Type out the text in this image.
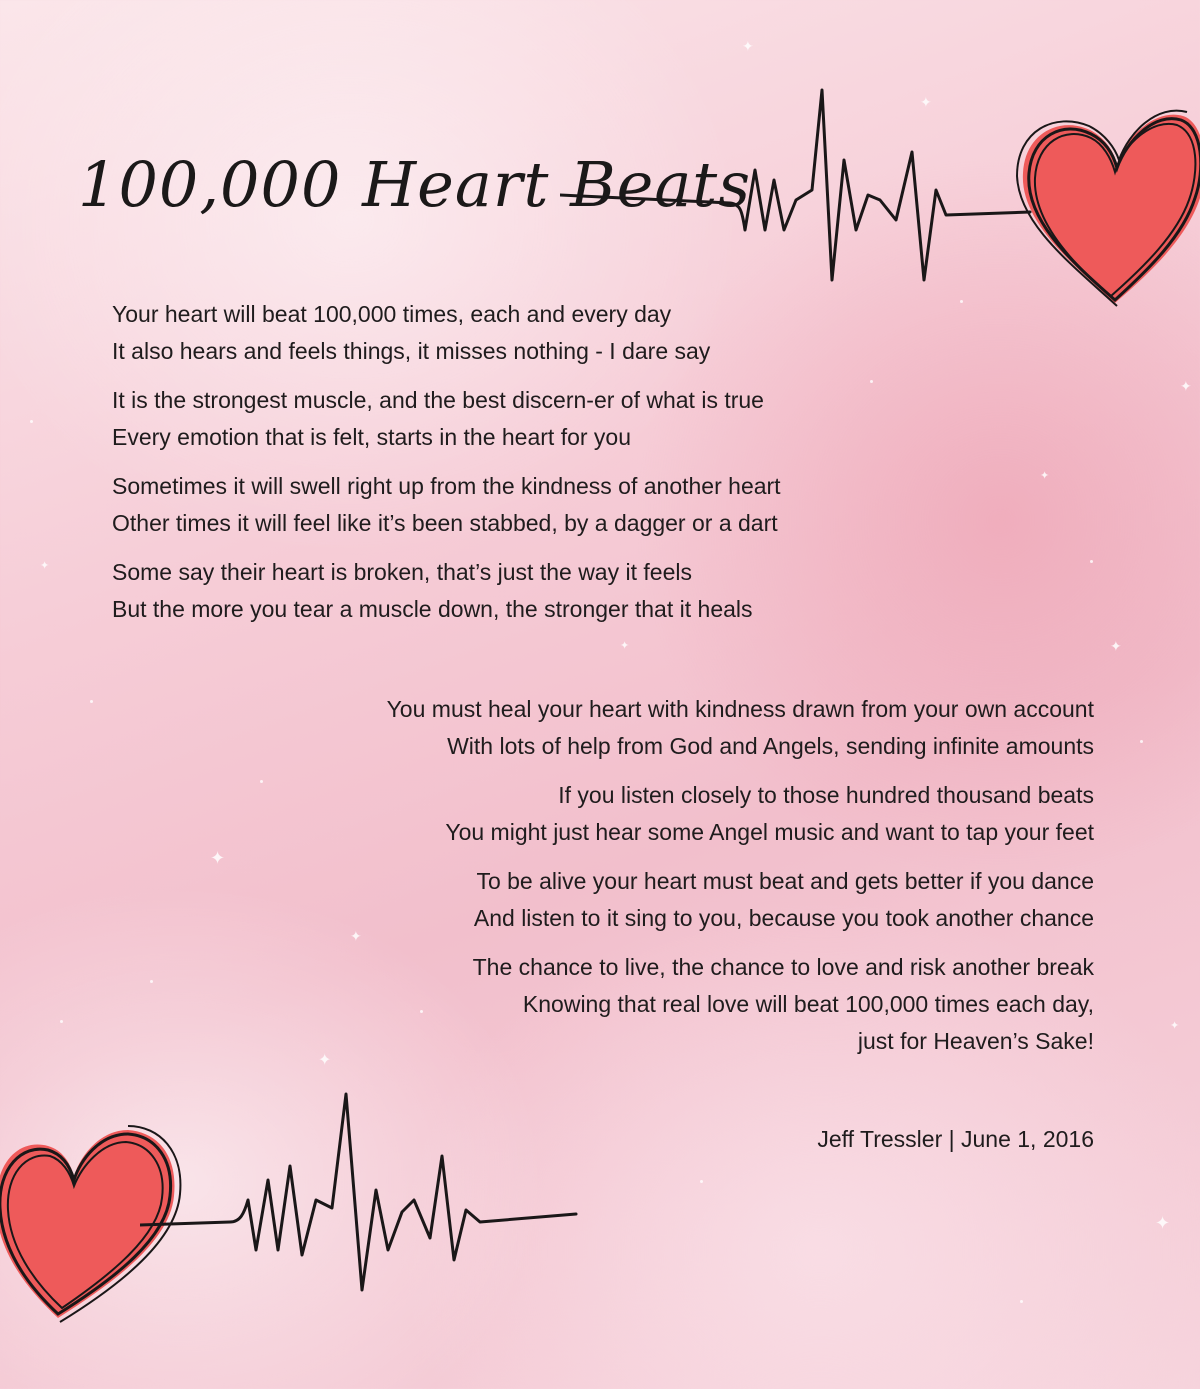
✦
✦
✦
✦
✦
✦
✦
✦
✦
✦
✦
✦
100,000 Heart Beats
Your heart will beat 100,000 times, each and every day
It also hears and feels things, it misses nothing - I dare say
It is the strongest muscle, and the best discern-er of what is true
Every emotion that is felt, starts in the heart for you
Sometimes it will swell right up from the kindness of another heart
Other times it will feel like it’s been stabbed, by a dagger or a dart
Some say their heart is broken, that’s just the way it feels
But the more you tear a muscle down, the stronger that it heals
You must heal your heart with kindness drawn from your own account
With lots of help from God and Angels, sending infinite amounts
If you listen closely to those hundred thousand beats
You might just hear some Angel music and want to tap your feet
To be alive your heart must beat and gets better if you dance
And listen to it sing to you, because you took another chance
The chance to live, the chance to love and risk another break
Knowing that real love will beat 100,000 times each day,
just for Heaven’s Sake!
Jeff Tressler | June 1, 2016
